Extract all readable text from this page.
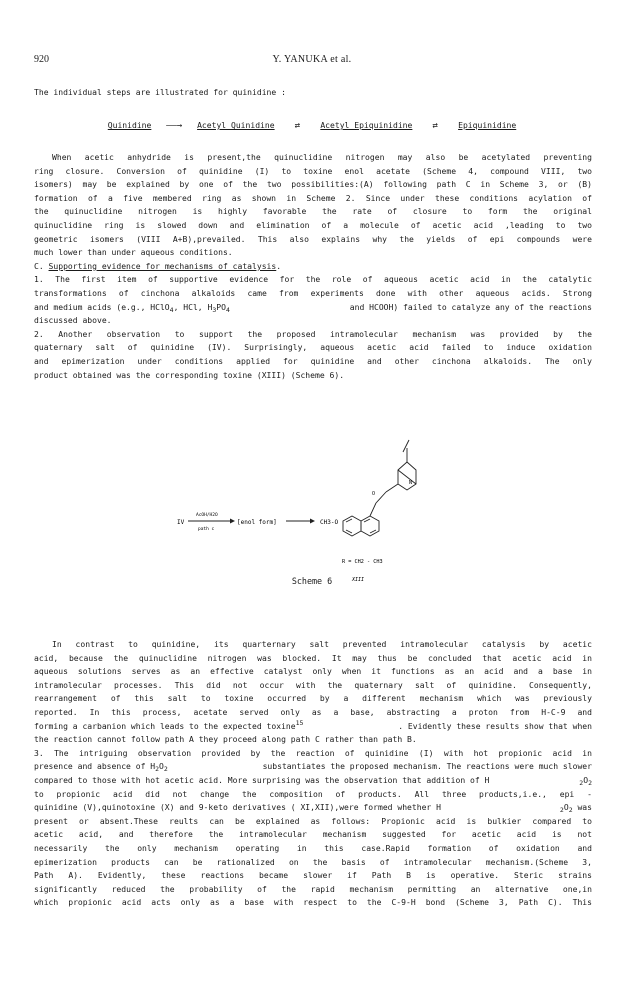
920	Y. YANUKA et al.
The individual steps are illustrated for quinidine :
Quinidine ——→ Acetyl Quinidine ⇄	Acetyl Epiquinidine ⇄	Epiquinidine
When acetic anhydride is present,the quinuclidine nitrogen may also be acetylated preventing
ring closure. Conversion of quinidine (I) to toxine enol acetate (Scheme 4, compound VIII, two
isomers) may be explained by one of the two possibilities:(A) following path C in Scheme 3, or (B)
formation of a five membered ring as shown in Scheme 2. Since under these conditions acylation of
the quinuclidine nitrogen is highly favorable the rate of closure to form the original
quinuclidine ring is slowed down and elimination of a molecule of acetic acid ,leading to two
geometric isomers (VIII A+B),prevailed. This also explains why the yields of epi compounds were
much lower than under aqueous conditions.
C. Supporting evidence for mechanisms of catalysis.
1. The first item of supportive evidence for the role of aqueous acetic acid in the catalytic
transformations of cinchona alkaloids came from experiments done with other aqueous acids. Strong
and medium acids (e.g., HClO$_4$, HCl, $H_3PO_4$	and HCOOH) failed to catalyze any of the reactions
discussed above.
2. Another observation to support the proposed intramolecular mechanism was provided by the
quaternary salt of quinidine (IV). Surprisingly, aqueous acetic acid failed to induce oxidation
and epimerization under conditions applied for quinidine and other cinchona alkaloids. The only
product obtained was the corresponding toxine (XIII) (Scheme 6).
IV
AcOH/H2O
path c
[enol form]	CH3-O
O
N
R = CH2 - CH3
XIII
Scheme 6
In contrast to quinidine, its quarternary salt prevented intramolecular catalysis by acetic
acid, because the quinuclidine nitrogen was blocked. It may thus be concluded that acetic acid in
aqueous solutions serves as an effective catalyst only when it functions as an acid and a base in
intramolecular processes. This did not occur with the quaternary salt of quinidine. Consequently,
rearrangement of this salt to toxine occurred by a different mechanism which was previously
reported. In this process, acetate served only as a base, abstracting a proton from H-C-9 and
forming a carbanion which leads to the expected toxine$^{15}$	. Evidently these results show that when
the reaction cannot follow path A they proceed along path C rather than path B.
3. The intriguing observation provided by the reaction of quinidine (I) with hot propionic acid in
presence and absence of $H_2O_2$	substantiates the proposed mechanism. The reactions were much slower
compared to those with hot acetic acid. More surprising was the observation that addition of H	$_2O_2$
to propionic acid did not change the composition of products. All three products,i.e., epi -
quinidine (V),quinotoxine (X) and 9-keto derivatives ( XI,XII),were formed whether H	$_2O_2$ was
present or absent.These reults can be explained as follows: Propionic acid is bulkier compared to
acetic acid, and therefore the intramolecular mechanism suggested for acetic acid is not
necessarily the only mechanism operating in this case.Rapid formation of oxidation and
epimerization products can be rationalized on the basis of intramolecular mechanism.(Scheme 3,
Path A). Evidently, these reactions became slower if Path B is operative. Steric strains
significantly reduced the probability of the rapid mechanism permitting an alternative one,in
which propionic acid acts only as a base with respect to the C-9-H bond (Scheme 3, Path C). This
